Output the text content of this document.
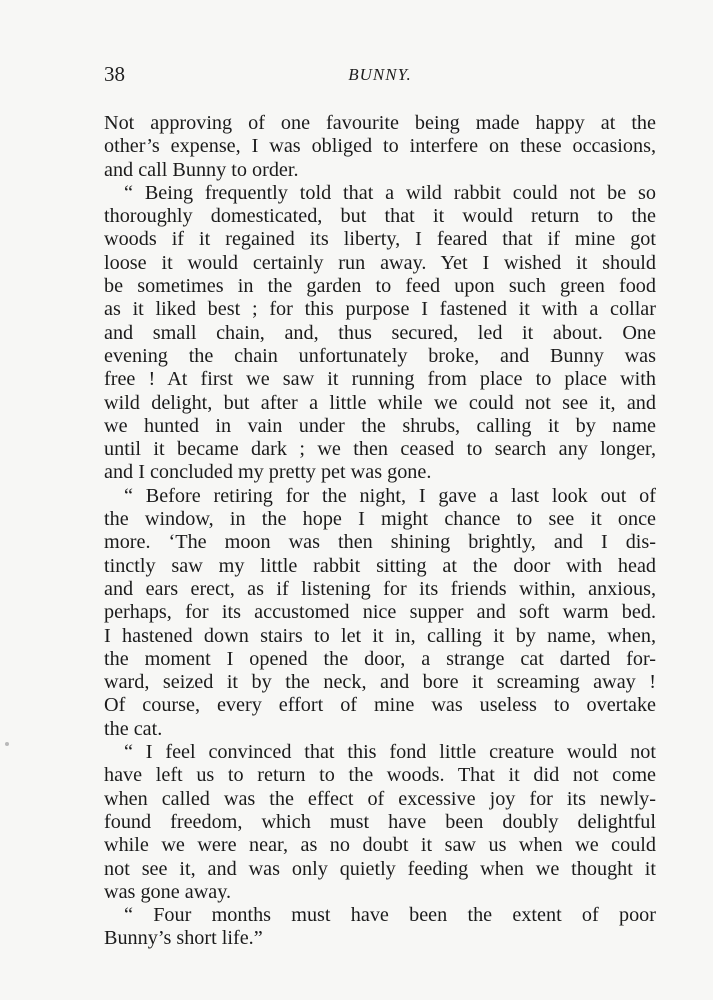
38	BUNNY.

Not approving of one favourite being made happy at the
other’s expense, I was obliged to interfere on these occasions,
and call Bunny to order.

“ Being frequently told that a wild rabbit could not be so
thoroughly domesticated, but that it would return to the
woods if it regained its liberty, I feared that if mine got
loose it would certainly run away. Yet I wished it should
be sometimes in the garden to feed upon such green food
as it liked best ; for this purpose I fastened it with a collar
and small chain, and, thus secured, led it about. One
evening the chain unfortunately broke, and Bunny was
free ! At first we saw it running from place to place with
wild delight, but after a little while we could not see it, and
we hunted in vain under the shrubs, calling it by name
until it became dark ; we then ceased to search any longer,
and I concluded my pretty pet was gone.

“ Before retiring for the night, I gave a last look out of
the window, in the hope I might chance to see it once
more. ‘The moon was then shining brightly, and I dis-
tinctly saw my little rabbit sitting at the door with head
and ears erect, as if listening for its friends within, anxious,
perhaps, for its accustomed nice supper and soft warm bed.
I hastened down stairs to let it in, calling it by name, when,
the moment I opened the door, a strange cat darted for-
ward, seized it by the neck, and bore it screaming away !
Of course, every effort of mine was useless to overtake
the cat.

“ I feel convinced that this fond little creature would not
have left us to return to the woods. That it did not come
when called was the effect of excessive joy for its newly-
found freedom, which must have been doubly delightful
while we were near, as no doubt it saw us when we could
not see it, and was only quietly feeding when we thought it
was gone away.

“ Four months must have been the extent of poor
Bunny’s short life.”
